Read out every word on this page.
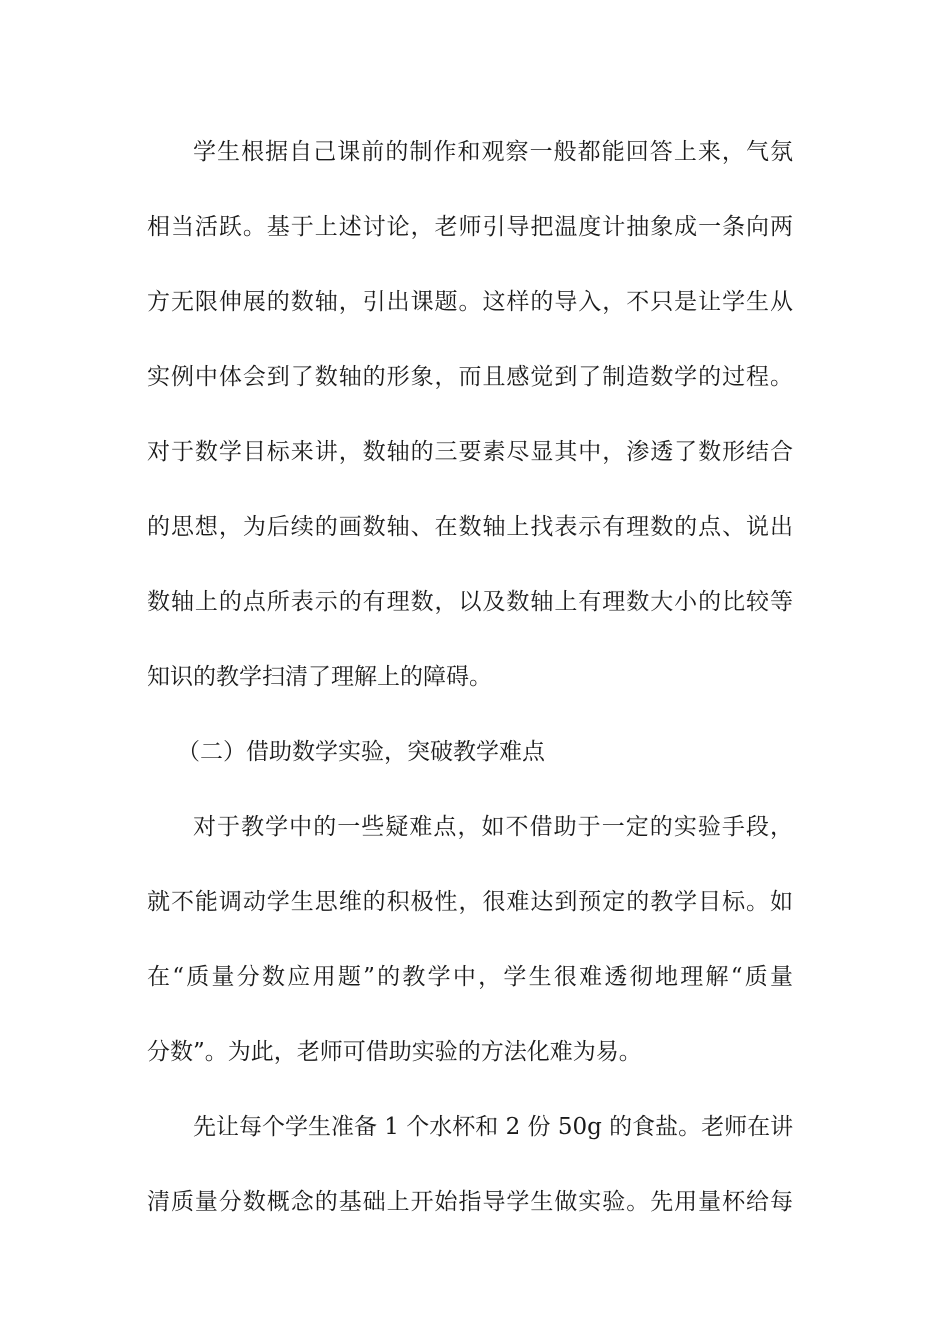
学生根据自己课前的制作和观察一般都能回答上来，气氛
相当活跃。基于上述讨论，老师引导把温度计抽象成一条向两
方无限伸展的数轴，引出课题。这样的导入，不只是让学生从
实例中体会到了数轴的形象，而且感觉到了制造数学的过程。
对于数学目标来讲，数轴的三要素尽显其中，渗透了数形结合
的思想，为后续的画数轴、在数轴上找表示有理数的点、说出
数轴上的点所表示的有理数，以及数轴上有理数大小的比较等
知识的教学扫清了理解上的障碍。
（二）借助数学实验，突破教学难点
对于教学中的一些疑难点，如不借助于一定的实验手段，
就不能调动学生思维的积极性，很难达到预定的教学目标。如
在“质量分数应用题”的教学中，学生很难透彻地理解“质量
分数”。为此，老师可借助实验的方法化难为易。
先让每个学生准备 1 个水杯和 2 份 50g 的食盐。老师在讲
清质量分数概念的基础上开始指导学生做实验。先用量杯给每
